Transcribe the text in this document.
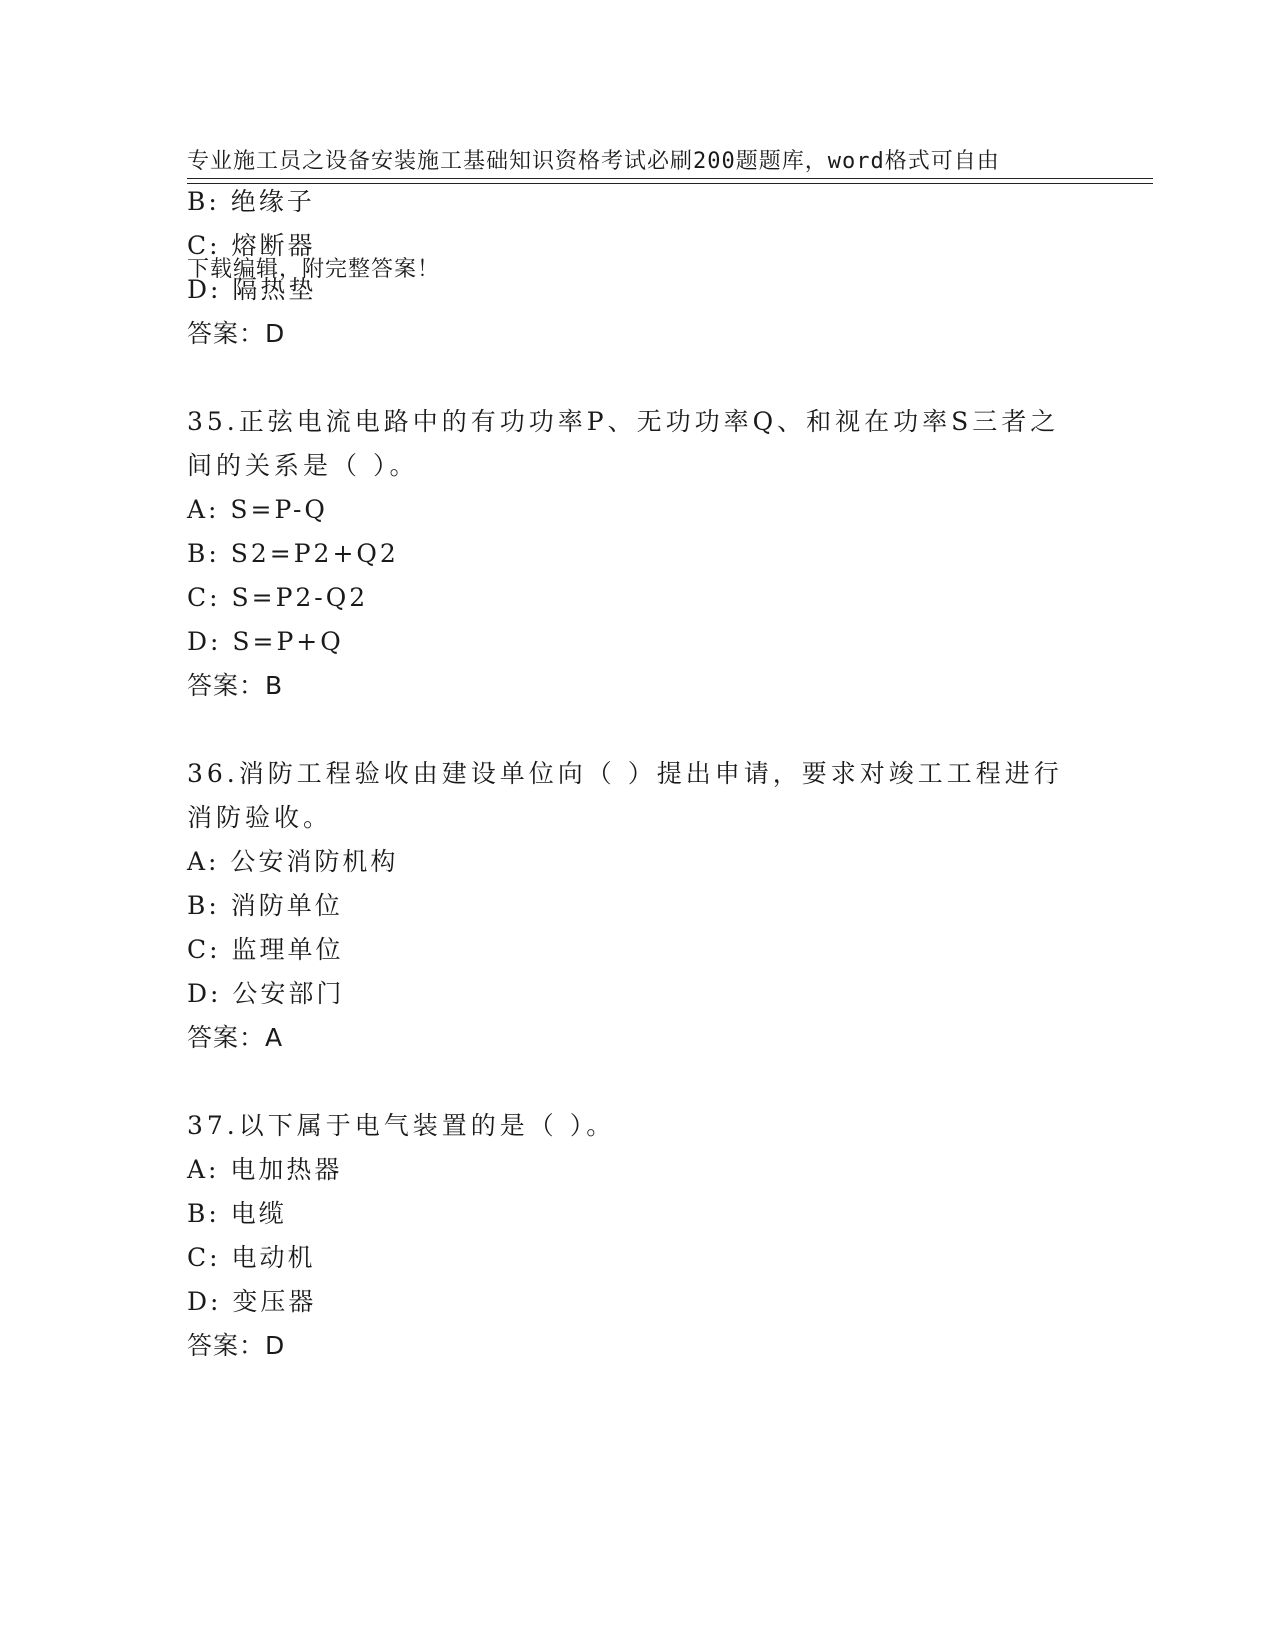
专业施工员之设备安装施工基础知识资格考试必刷200题题库，word格式可自由

下载编辑，附完整答案！

B: 绝缘子
C: 熔断器
D: 隔热垫
答案：D
35.正弦电流电路中的有功功率P、无功功率Q、和视在功率S三者之
间的关系是（ ）。
A: S=P-Q
B: S2=P2+Q2
C: S=P2-Q2
D: S=P+Q
答案：B
36.消防工程验收由建设单位向（ ）提出申请，要求对竣工工程进行
消防验收。
A: 公安消防机构
B: 消防单位
C: 监理单位
D: 公安部门
答案：A
37.以下属于电气装置的是（ ）。
A: 电加热器
B: 电缆
C: 电动机
D: 变压器
答案：D
